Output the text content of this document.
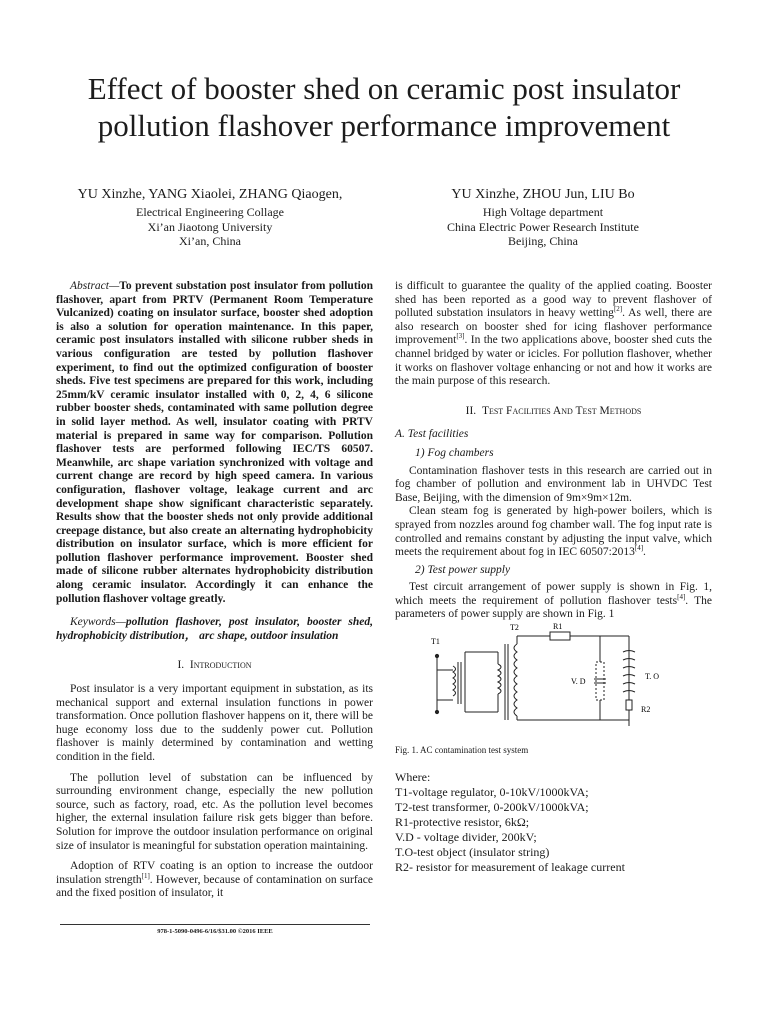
Effect of booster shed on ceramic post insulator
pollution flashover performance improvement
YU Xinzhe, YANG Xiaolei, ZHANG Qiaogen,
Electrical Engineering Collage
Xi’an Jiaotong University
Xi’an, China
YU Xinzhe, ZHOU Jun, LIU Bo
High Voltage department
China Electric Power Research Institute
Beijing, China

Abstract—To prevent substation post insulator from pollution flashover, apart from PRTV (Permanent Room Temperature Vulcanized) coating on insulator surface, booster shed adoption is also a solution for operation maintenance. In this paper, ceramic post insulators installed with silicone rubber sheds in various configuration are tested by pollution flashover experiment, to find out the optimized configuration of booster sheds. Five test specimens are prepared for this work, including 25mm/kV ceramic insulator installed with 0, 2, 4, 6 silicone rubber booster sheds, contaminated with same pollution degree in solid layer method. As well, insulator coating with PRTV material is prepared in same way for comparison. Pollution flashover tests are performed following IEC/TS 60507. Meanwhile, arc shape variation synchronized with voltage and current change are record by high speed camera. In various configuration, flashover voltage, leakage current and arc development shape show significant characteristic separately. Results show that the booster sheds not only provide additional creepage distance, but also create an alternating hydrophobicity distribution on insulator surface, which is more efficient for pollution flashover performance improvement. Booster shed made of silicone rubber alternates hydrophobicity distribution along ceramic insulator. Accordingly it can enhance the pollution flashover voltage greatly.

Keywords—pollution flashover, post insulator, booster shed, hydrophobicity distribution， arc shape, outdoor insulation

I. Introduction

Post insulator is a very important equipment in substation, as its mechanical support and external insulation functions in power transformation. Once pollution flashover happens on it, there will be huge economy loss due to the suddenly power cut. Pollution flashover is mainly determined by contamination and wetting condition in the field.

The pollution level of substation can be influenced by surrounding environment change, especially the new pollution source, such as factory, road, etc. As the pollution level becomes higher, the external insulation failure risk gets bigger than before. Solution for improve the outdoor insulation performance on original size of insulator is meaningful for substation operation maintaining.

Adoption of RTV coating is an option to increase the outdoor insulation strength[1]. However, because of contamination on surface and the fixed position of insulator, it

is difficult to guarantee the quality of the applied coating. Booster shed has been reported as a good way to prevent flashover of polluted substation insulators in heavy wetting[2]. As well, there are also research on booster shed for icing flashover performance improvement[3]. In the two applications above, booster shed cuts the channel bridged by water or icicles. For pollution flashover, whether it works on flashover voltage enhancing or not and how it works are the main purpose of this research.

II. Test Facilities And Test Methods

A. Test facilities

1) Fog chambers

Contamination flashover tests in this research are carried out in fog chamber of pollution and environment lab in UHVDC Test Base, Beijing, with the dimension of 9m×9m×12m.

Clean steam fog is generated by high-power boilers, which is sprayed from nozzles around fog chamber wall. The fog input rate is controlled and remains constant by adjusting the input valve, which meets the requirement about fog in IEC 60507:2013[4].

2) Test power supply

Test circuit arrangement of power supply is shown in Fig. 1, which meets the requirement of pollution flashover tests[4]. The parameters of power supply are shown in Fig. 1

T1
T2	R1
V. D
T. O
R2

Fig. 1. AC contamination test system

Where:
T1-voltage regulator, 0-10kV/1000kVA;
T2-test transformer, 0-200kV/1000kVA;
R1-protective resistor, 6kΩ;
V.D - voltage divider, 200kV;
T.O-test object (insulator string)
R2- resistor for measurement of leakage current
978-1-5090-0496-6/16/$31.00 ©2016 IEEE
